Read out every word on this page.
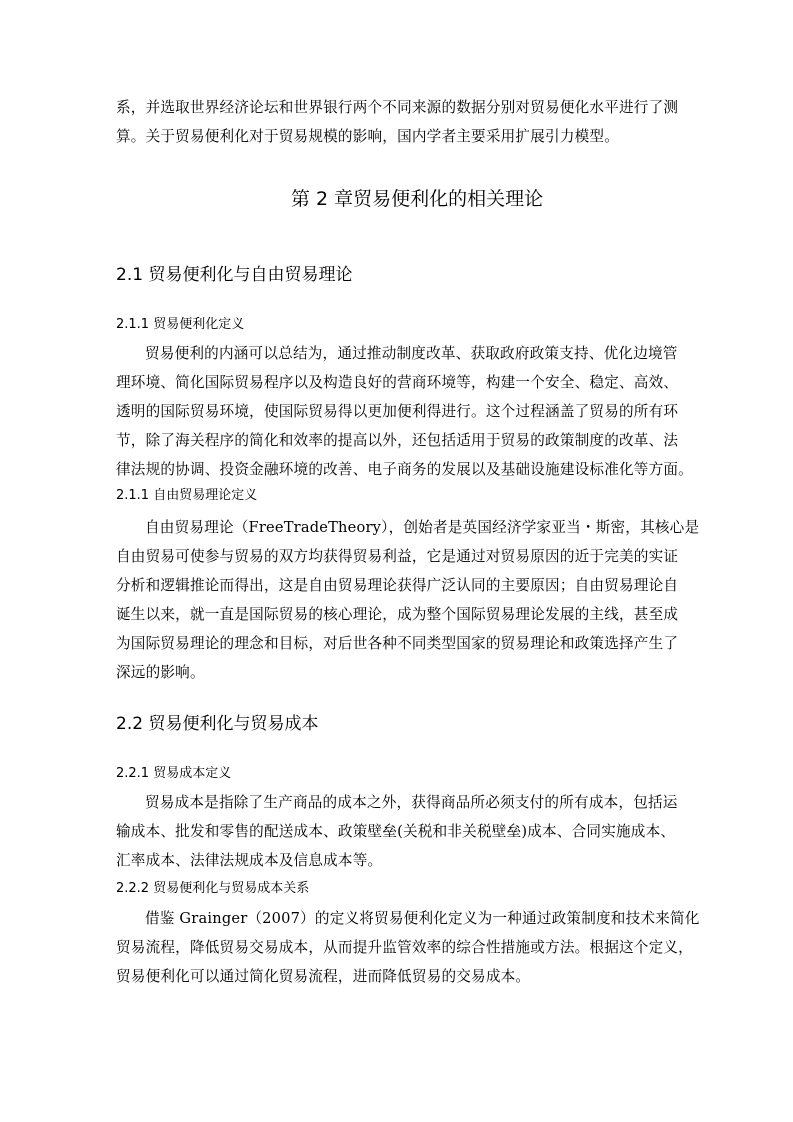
系，并选取世界经济论坛和世界银行两个不同来源的数据分别对贸易便化水平进行了测
算。关于贸易便利化对于贸易规模的影响，国内学者主要采用扩展引力模型。
第 2 章贸易便利化的相关理论
2.1 贸易便利化与自由贸易理论
2.1.1 贸易便利化定义
贸易便利的内涵可以总结为，通过推动制度改革、获取政府政策支持、优化边境管
理环境、简化国际贸易程序以及构造良好的营商环境等，构建一个安全、稳定、高效、
透明的国际贸易环境，使国际贸易得以更加便利得进行。这个过程涵盖了贸易的所有环
节，除了海关程序的简化和效率的提高以外，还包括适用于贸易的政策制度的改革、法
律法规的协调、投资金融环境的改善、电子商务的发展以及基础设施建设标准化等方面。
2.1.1 自由贸易理论定义
自由贸易理论（FreeTradeTheory），创始者是英国经济学家亚当・斯密，其核心是
自由贸易可使参与贸易的双方均获得贸易利益，它是通过对贸易原因的近于完美的实证
分析和逻辑推论而得出，这是自由贸易理论获得广泛认同的主要原因；自由贸易理论自
诞生以来，就一直是国际贸易的核心理论，成为整个国际贸易理论发展的主线，甚至成
为国际贸易理论的理念和目标，对后世各种不同类型国家的贸易理论和政策选择产生了
深远的影响。
2.2 贸易便利化与贸易成本
2.2.1 贸易成本定义
贸易成本是指除了生产商品的成本之外，获得商品所必须支付的所有成本，包括运
输成本、批发和零售的配送成本、政策壁垒(关税和非关税壁垒)成本、合同实施成本、
汇率成本、法律法规成本及信息成本等。
2.2.2 贸易便利化与贸易成本关系
借鉴 Grainger（2007）的定义将贸易便利化定义为一种通过政策制度和技术来简化
贸易流程，降低贸易交易成本，从而提升监管效率的综合性措施或方法。根据这个定义，
贸易便利化可以通过简化贸易流程，进而降低贸易的交易成本。
